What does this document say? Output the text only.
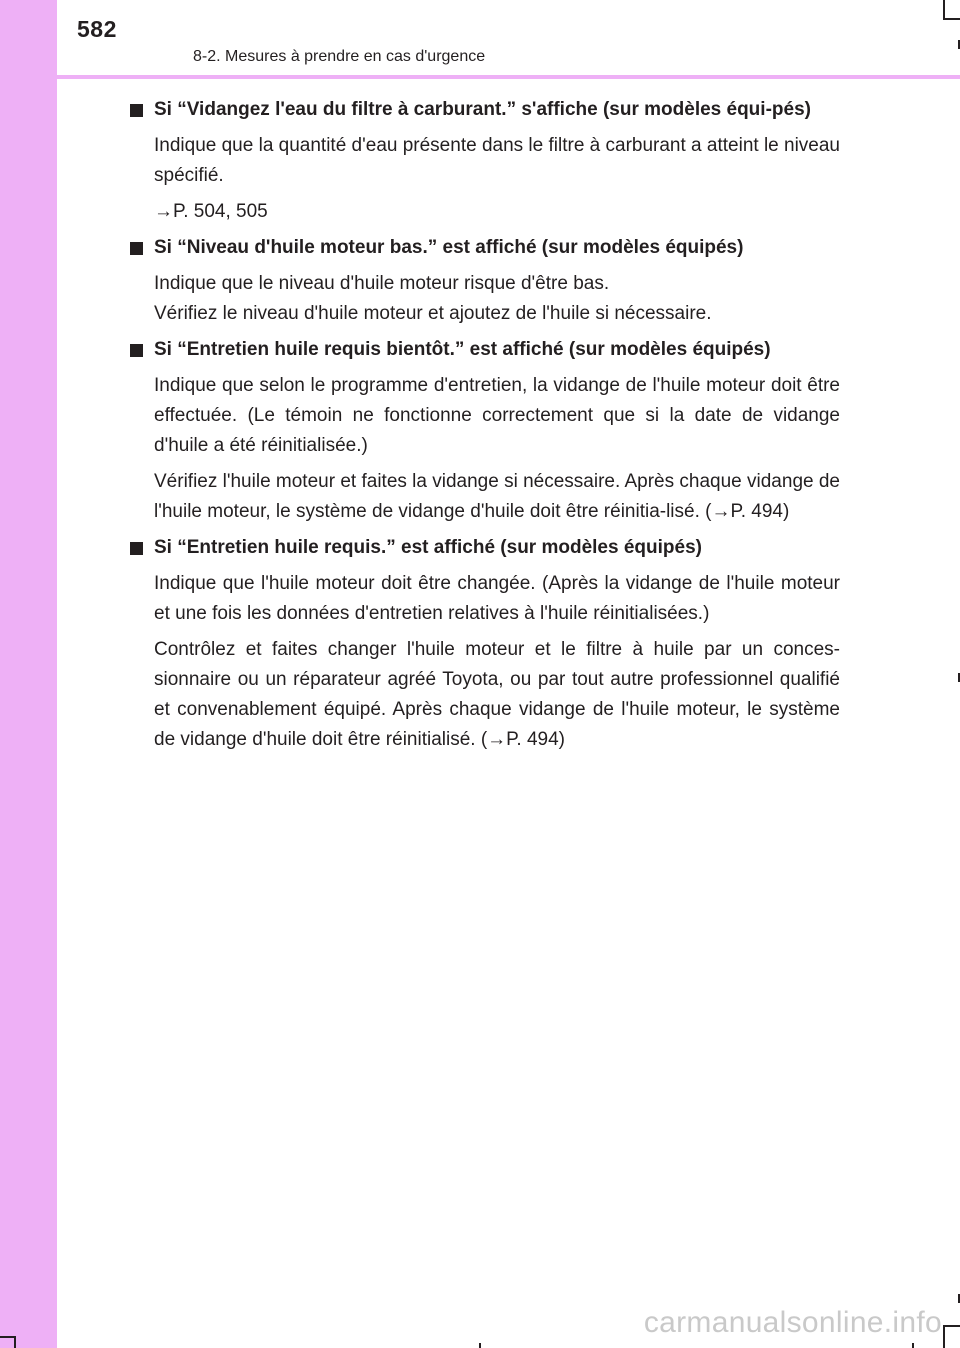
582
8-2. Mesures à prendre en cas d'urgence
Si “Vidangez l'eau du filtre à carburant.” s'affiche (sur modèles équi-pés)
Indique que la quantité d'eau présente dans le filtre à carburant a atteint le niveau spécifié.
→P. 504, 505
Si “Niveau d'huile moteur bas.” est affiché (sur modèles équipés)
Indique que le niveau d'huile moteur risque d'être bas.
Vérifiez le niveau d'huile moteur et ajoutez de l'huile si nécessaire.
Si “Entretien huile requis bientôt.” est affiché (sur modèles équipés)
Indique que selon le programme d'entretien, la vidange de l'huile moteur doit être effectuée. (Le témoin ne fonctionne correctement que si la date de vidange d'huile a été réinitialisée.)
Vérifiez l'huile moteur et faites la vidange si nécessaire. Après chaque vidange de l'huile moteur, le système de vidange d'huile doit être réinitia-lisé. (→P. 494)
Si “Entretien huile requis.” est affiché (sur modèles équipés)
Indique que l'huile moteur doit être changée. (Après la vidange de l'huile moteur et une fois les données d'entretien relatives à l'huile réinitialisées.)
Contrôlez et faites changer l'huile moteur et le filtre à huile par un conces-sionnaire ou un réparateur agréé Toyota, ou par tout autre professionnel qualifié et convenablement équipé. Après chaque vidange de l'huile moteur, le système de vidange d'huile doit être réinitialisé. (→P. 494)
carmanualsonline.info
